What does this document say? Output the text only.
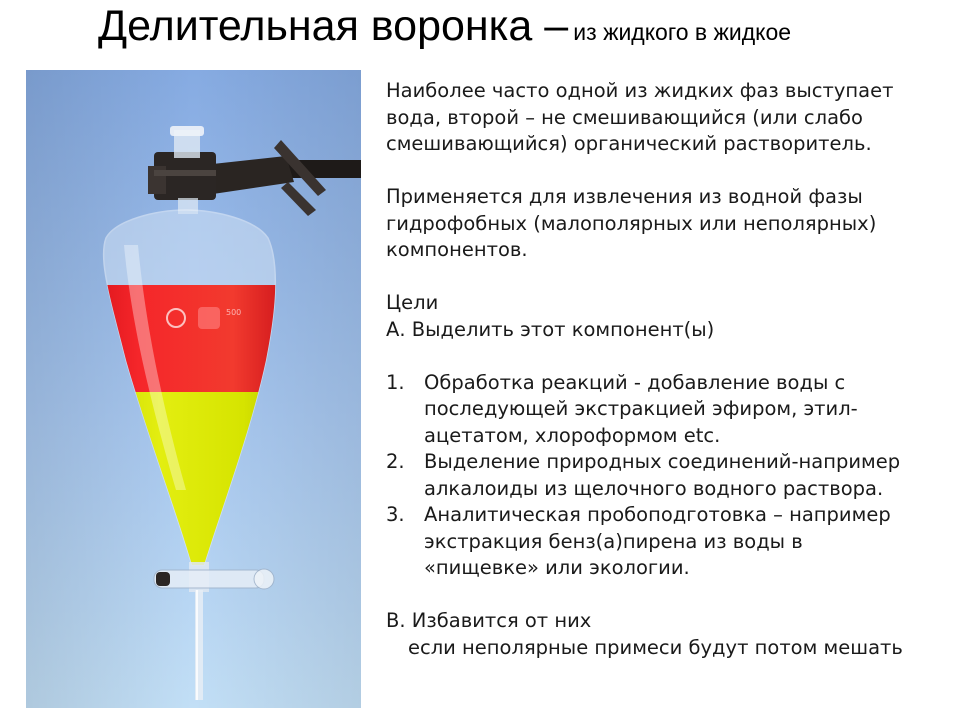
Делительная воронка – из жидкого в жидкое
500

Наиболее часто одной из жидких фаз выступает

вода, второй – не смешивающийся (или слабо

смешивающийся) органический растворитель.

Применяется для извлечения из водной фазы

гидрофобных (малополярных или неполярных)

компонентов.

Цели

А. Выделить этот компонент(ы)

1. Обработка реакций - добавление воды с

последующей экстракцией эфиром, этил-

ацетатом, хлороформом etc.

2. Выделение природных соединений-например

алкалоиды из щелочного водного раствора.

3. Аналитическая пробоподготовка – например

экстракция бенз(а)пирена из воды в

«пищевке» или экологии.

В. Избавится от них

если неполярные примеси будут потом мешать
